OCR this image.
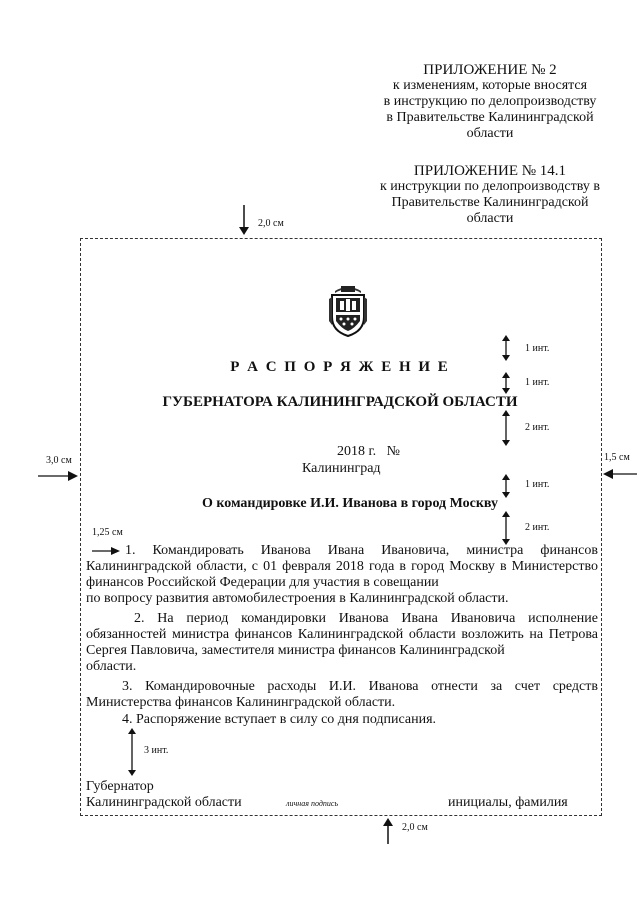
ПРИЛОЖЕНИЕ № 2
к изменениям, которые вносятся
в инструкцию по делопроизводству
в Правительстве Калининградской
области
ПРИЛОЖЕНИЕ № 14.1
к инструкции по делопроизводству в
Правительстве Калининградской
области
2,0 см
1 инт.
Р А С П О Р Я Ж Е Н И Е
1 инт.
ГУБЕРНАТОРА КАЛИНИНГРАДСКОЙ ОБЛАСТИ
2 инт.
2018 г.   №
Калининград
3,0 см	1,5 см
1 инт.
О командировке И.И. Иванова в город Москву
2 инт.
1,25 см
1. Командировать Иванова Ивана Ивановича, министра финансов
Калининградской области, с 01 февраля 2018 года в город Москву в Министерство финансов Российской Федерации для участия в совещании
по вопросу развития автомобилестроения в Калининградской области.
2. На период командировки Иванова Ивана Ивановича исполнение обязанностей министра финансов Калининградской области возложить на Петрова Сергея Павловича, заместителя министра финансов Калининградской
области.
3. Командировочные расходы И.И. Иванова отнести за счет средств
Министерства финансов Калининградской области.
4. Распоряжение вступает в силу со дня подписания.
3 инт.
Губернатор
Калининградской области	личная подпись	инициалы, фамилия
2,0 см
